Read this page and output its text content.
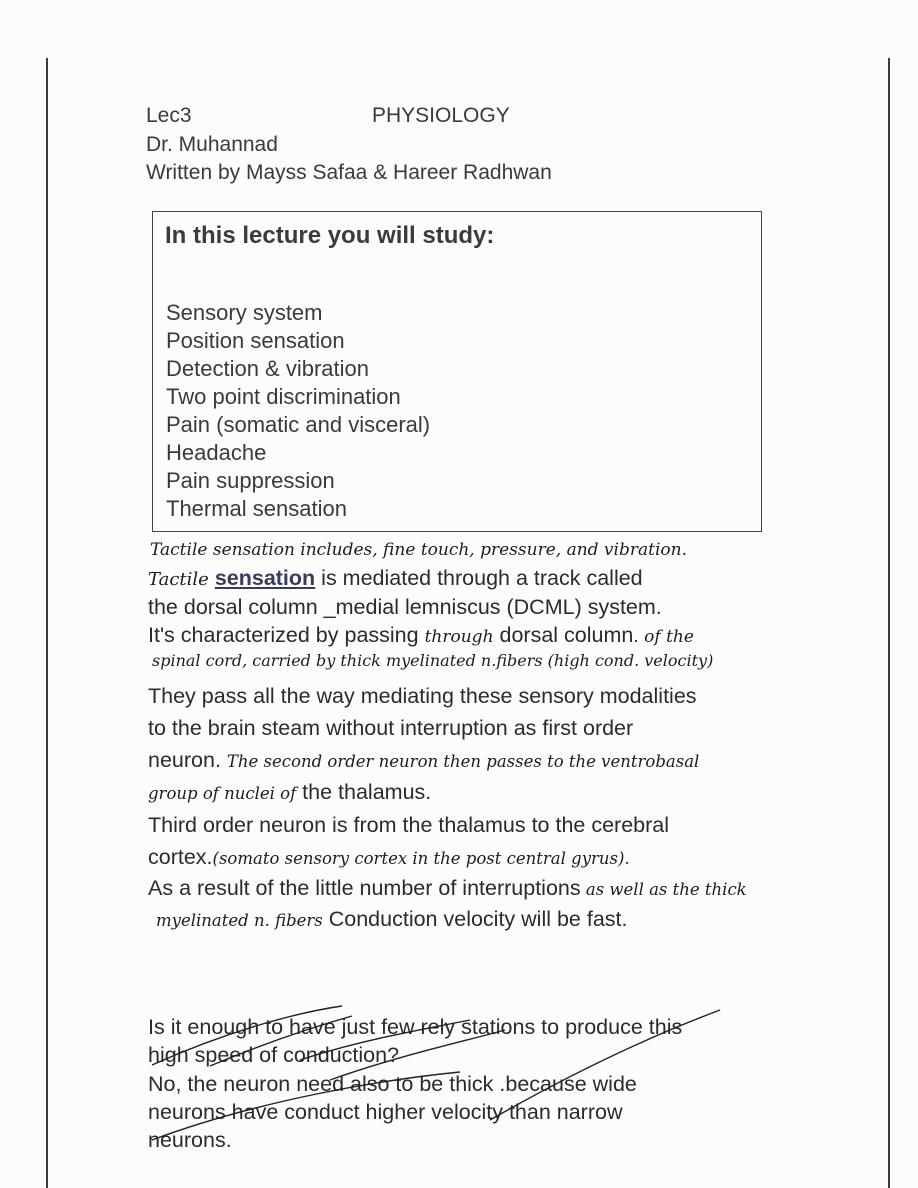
Lec3	PHYSIOLOGY
Dr. Muhannad
Written by Mayss Safaa & Hareer Radhwan
In this lecture you will study:
Sensory system
Position sensation
Detection & vibration
Two point discrimination
Pain (somatic and visceral)
Headache
Pain suppression
Thermal sensation
Tactile sensation includes, fine touch, pressure, and vibration.
Tactile sensation is mediated through a track called
the dorsal column _medial lemniscus (DCML) system.
It's characterized by passing through dorsal column. of the
spinal cord, carried by thick myelinated n.fibers (high cond. velocity)
They pass all the way mediating these sensory modalities
to the brain steam without interruption as first order
neuron. The second order neuron then passes to the ventrobasal
group of nuclei of the thalamus.
Third order neuron is from the thalamus to the cerebral
cortex.(somato sensory cortex in the post central gyrus).
As a result of the little number of interruptions as well as the thick
myelinated n. fibers Conduction velocity will be fast.
Is it enough to have just few rely stations to produce this
high speed of conduction?
No, the neuron need also to be thick .because wide
neurons have conduct higher velocity than narrow
neurons.
